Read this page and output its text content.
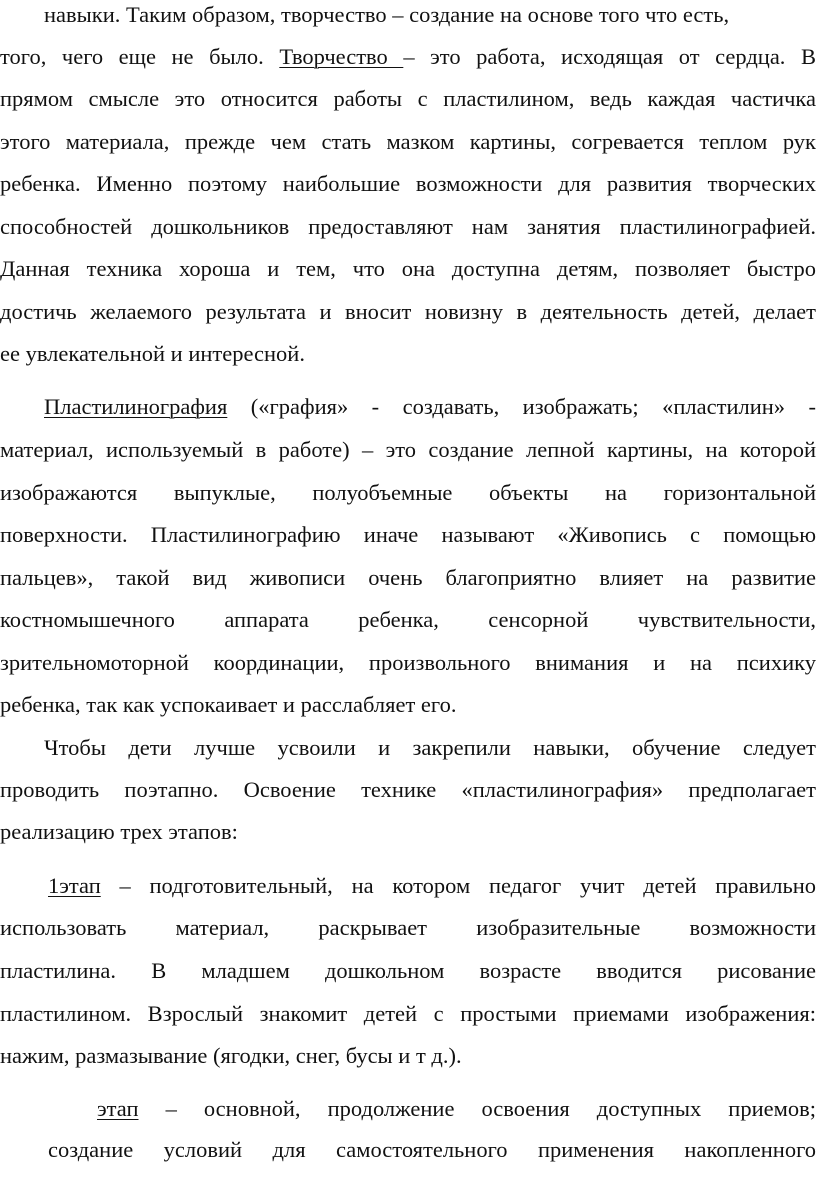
навыки. Таким образом, творчество – создание на основе того что есть,
того, чего еще не было. Творчество – это работа, исходящая от сердца. В
прямом смысле это относится работы с пластилином, ведь каждая частичка
этого материала, прежде чем стать мазком картины, согревается теплом рук
ребенка. Именно поэтому наибольшие возможности для развития творческих
способностей дошкольников предоставляют нам занятия пластилинографией.
Данная техника хороша и тем, что она доступна детям, позволяет быстро
достичь желаемого результата и вносит новизну в деятельность детей, делает
ее увлекательной и интересной.
Пластилинография («графия» - создавать, изображать; «пластилин» -
материал, используемый в работе) – это создание лепной картины, на которой
изображаются выпуклые, полуобъемные объекты на горизонтальной
поверхности. Пластилинографию иначе называют «Живопись с помощью
пальцев», такой вид живописи очень благоприятно влияет на развитие
костномышечного аппарата ребенка, сенсорной чувствительности,
зрительномоторной координации, произвольного внимания и на психику
ребенка, так как успокаивает и расслабляет его.
Чтобы дети лучше усвоили и закрепили навыки, обучение следует
проводить поэтапно. Освоение технике «пластилинография» предполагает
реализацию трех этапов:
1этап – подготовительный, на котором педагог учит детей правильно
использовать материал, раскрывает изобразительные возможности
пластилина. В младшем дошкольном возрасте вводится рисование
пластилином. Взрослый знакомит детей с простыми приемами изображения:
нажим, размазывание (ягодки, снег, бусы и т д.).
этап – основной, продолжение освоения доступных приемов;
создание условий для самостоятельного применения накопленного
